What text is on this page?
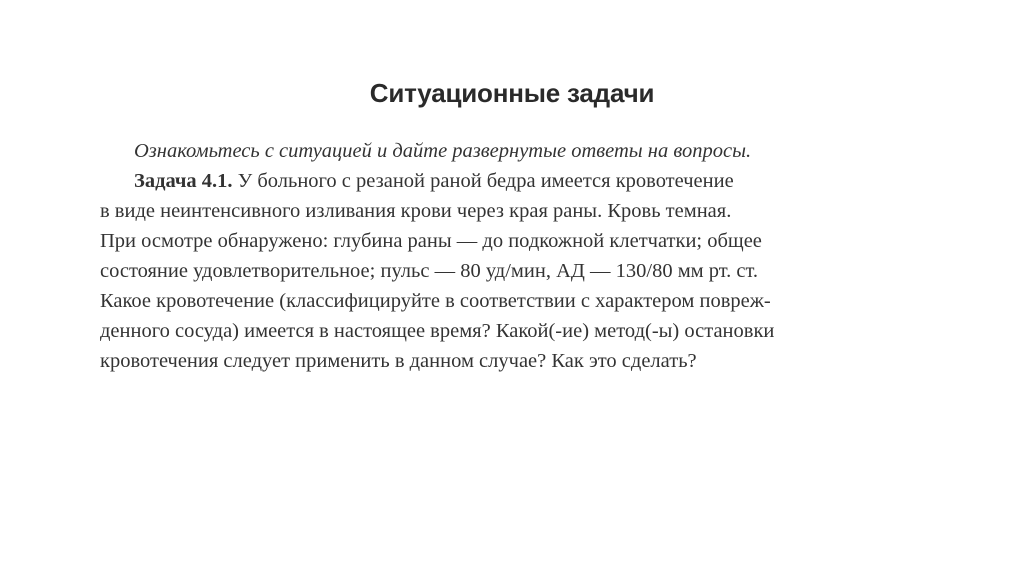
Ситуационные задачи
Ознакомьтесь с ситуацией и дайте развернутые ответы на вопросы.
Задача 4.1. У больного с резаной раной бедра имеется кровотечение
в виде неинтенсивного изливания крови через края раны. Кровь темная.
При осмотре обнаружено: глубина раны — до подкожной клетчатки; общее
состояние удовлетворительное; пульс — 80 уд/мин, АД — 130/80 мм рт. ст.
Какое кровотечение (классифицируйте в соответствии с характером повреж-
денного сосуда) имеется в настоящее время? Какой(-ие) метод(-ы) остановки
кровотечения следует применить в данном случае? Как это сделать?
